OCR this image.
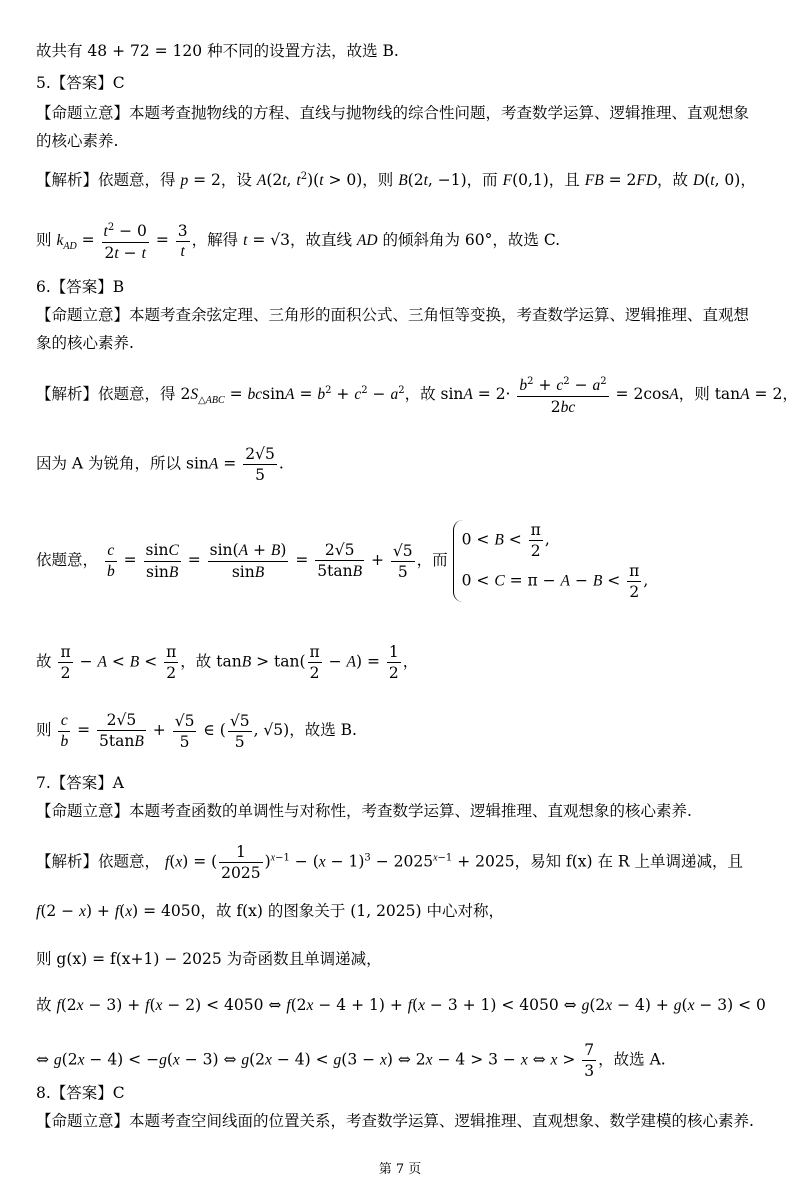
故共有 48 + 72 = 120 种不同的设置方法，故选 B.
5.【答案】C
【命题立意】本题考查抛物线的方程、直线与抛物线的综合性问题，考查数学运算、逻辑推理、直观想象
的核心素养.
【解析】依题意，得 p = 2，设 A(2t, $t^2)(t > 0)$，则 B(2t, −1)，而 F(0,1)，且 FB = 2FD，故 D(t, 0)，
则 $k_{AD} = \frac{t^2 - 0}{2t - t} = \frac{3}{t}$ ，解得 t = √3，故直线 AD 的倾斜角为 60°，故选 C.
6.【答案】B
【命题立意】本题考查余弦定理、三角形的面积公式、三角恒等变换，考查数学运算、逻辑推理、直观想
象的核心素养.
【解析】依题意，得 $2S_{\triangle ABC} = bcsinA = b^2 + c^2 - a^2$，故 $\sin A = 2\cdot \frac{b^2 + c^2 - a^2}{2bc} = 2\cos A$，则 tanA = 2，
因为 A 为锐角，所以 $\sin A = \frac{2√5}{5}$ .
依题意， $\frac{c}{b} = \frac{\sin C}{\sin B} = \frac{\sin(A + B)}{\sin B} = \frac{2√5}{5\tan B} + \frac{√5}{5}$ ，而
$0 < B < \frac{\pi}{2}$ ,
$0 < C = \pi - A - B < \frac{\pi}{2}$ ,
故 $\frac{\pi}{2} - A < B < \frac{\pi}{2}$ ，故 $\tan B > \tan( \frac{\pi}{2} - A) = \frac{1}{2}$ ，
则 $\frac{c}{b} = \frac{2√5}{5\tan B} + \frac{√5}{5}$ ∈ ( $\frac{√5}{5}$ , √5)，故选 B.
7.【答案】A
【命题立意】本题考查函数的单调性与对称性，考查数学运算、逻辑推理、直观想象的核心素养.
【解析】依题意， f(x) = ( $\frac{1}{2025} )^{x-1} - (x - 1)^3 - 2025^{x-1} + 2025$，易知 f(x) 在 R 上单调递减，且
f(2 − x) + f(x) = 4050，故 f(x) 的图象关于 (1, 2025) 中心对称，
则 g(x) = f(x+1) − 2025 为奇函数且单调递减，
故 f(2x − 3) + f(x − 2) < 4050 ⇔ f(2x − 4 + 1) + f(x − 3 + 1) < 4050 ⇔ g(2x − 4) + g(x − 3) < 0
⇔ g(2x − 4) < −g(x − 3) ⇔ g(2x − 4) < g(3 − x) ⇔ 2x − 4 > 3 − x ⇔ $x > \frac{7}{3}$ ，故选 A.
8.【答案】C
【命题立意】本题考查空间线面的位置关系，考查数学运算、逻辑推理、直观想象、数学建模的核心素养.
第 7 页
